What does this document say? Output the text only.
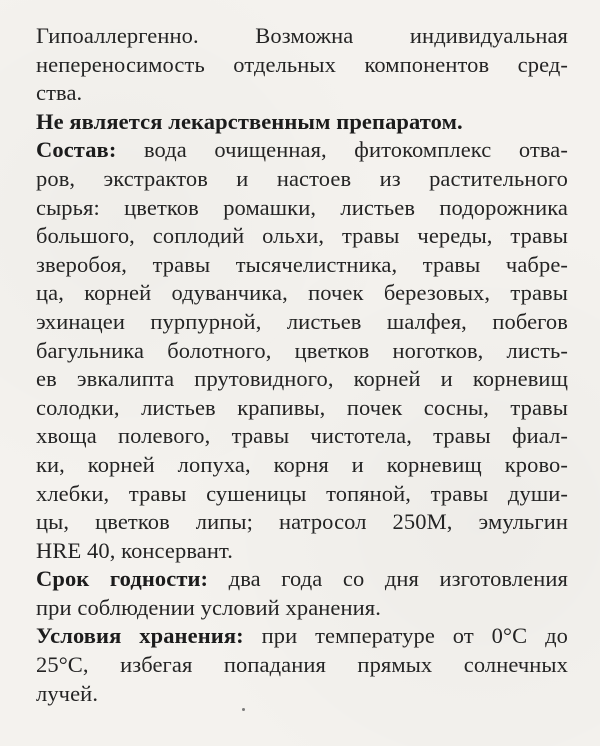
Гипоаллергенно. Возможна индивидуальная
непереносимость отдельных компонентов сред-
ства.
Не является лекарственным препаратом.
Состав: вода очищенная, фитокомплекс отва-
ров, экстрактов и настоев из растительного
сырья: цветков ромашки, листьев подорожника
большого, соплодий ольхи, травы череды, травы
зверобоя, травы тысячелистника, травы чабре-
ца, корней одуванчика, почек березовых, травы
эхинацеи пурпурной, листьев шалфея, побегов
багульника болотного, цветков ноготков, листь-
ев эвкалипта прутовидного, корней и корневищ
солодки, листьев крапивы, почек сосны, травы
хвоща полевого, травы чистотела, травы фиал-
ки, корней лопуха, корня и корневищ крово-
хлебки, травы сушеницы топяной, травы души-
цы, цветков липы; натросол 250М, эмульгин
HRE 40, консервант.
Срок годности: два года со дня изготовления
при соблюдении условий хранения.
Условия хранения: при температуре от 0°С до
25°С, избегая попадания прямых солнечных
лучей.
